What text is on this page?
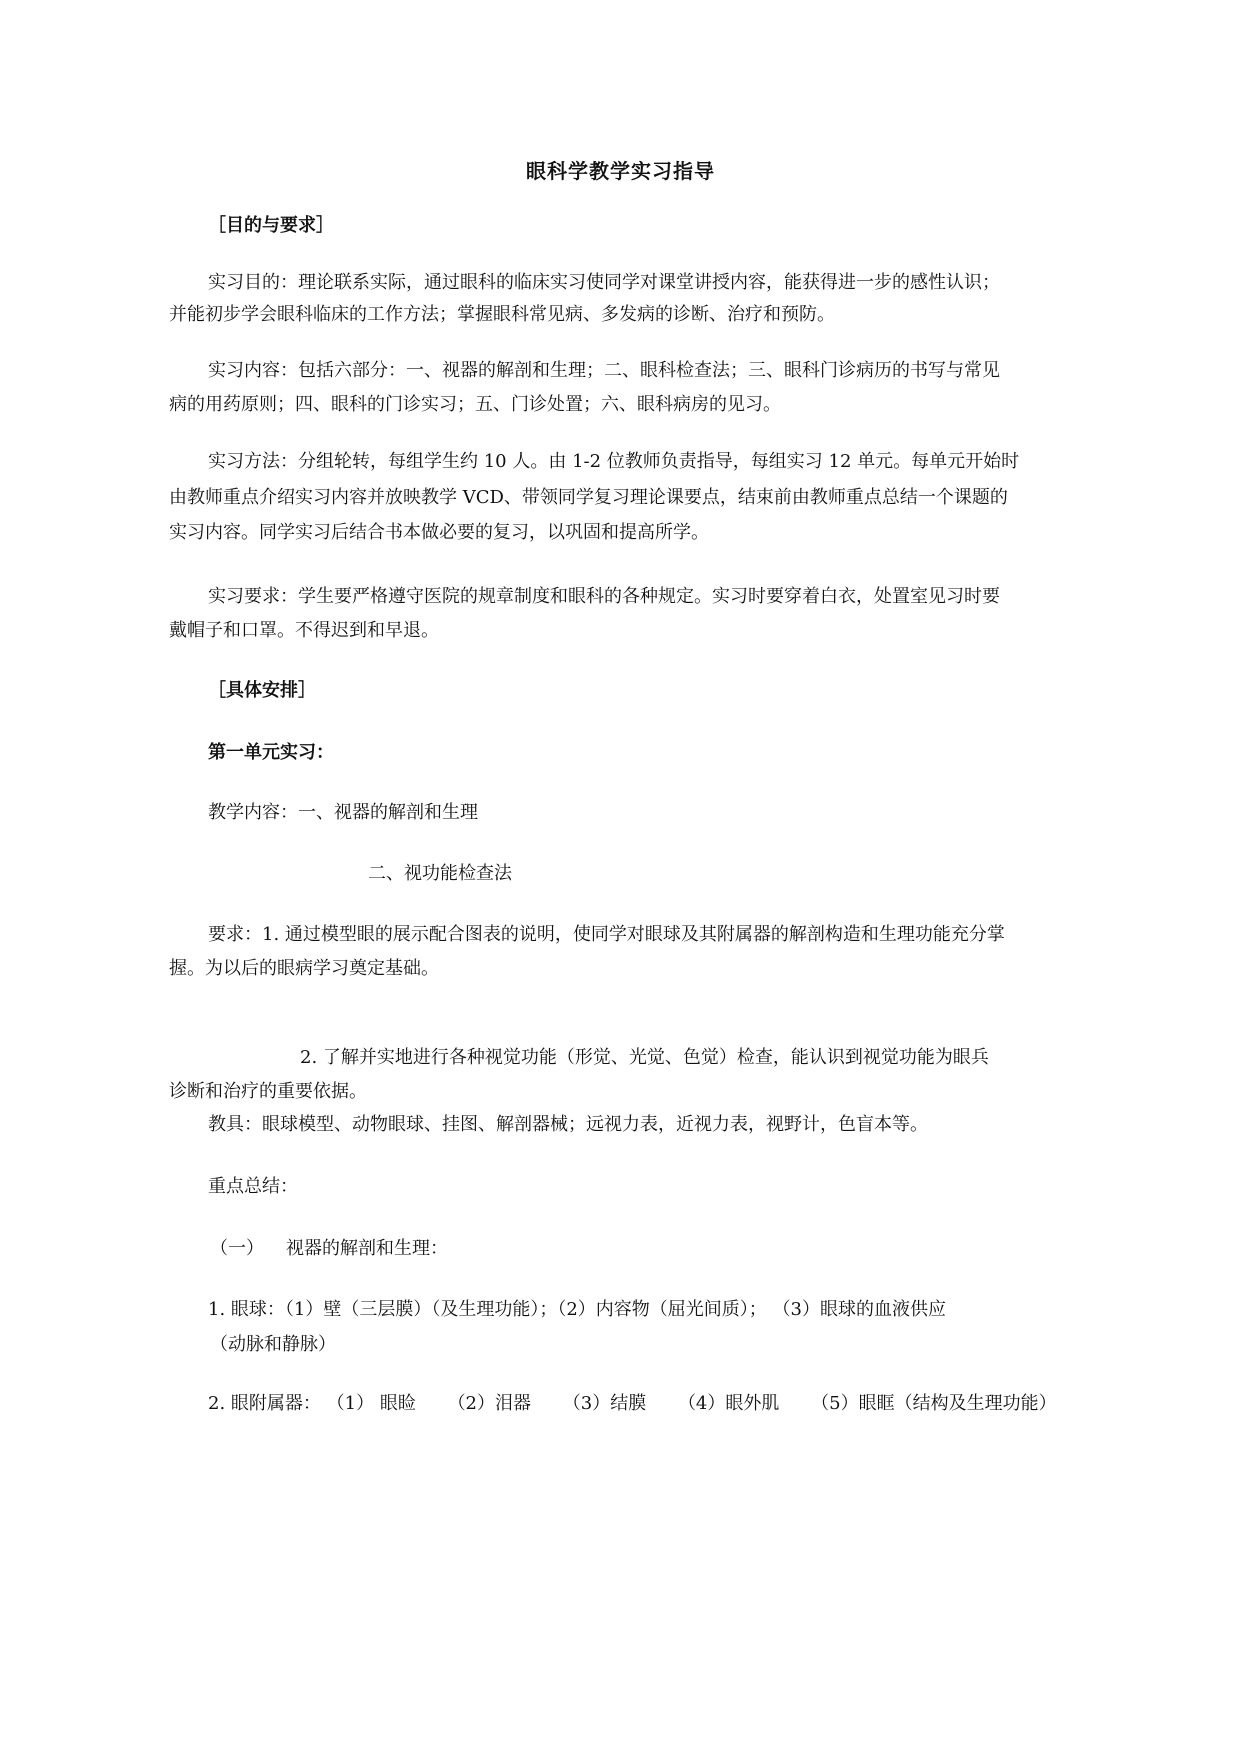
眼科学教学实习指导
［目的与要求］
实习目的：理论联系实际，通过眼科的临床实习使同学对课堂讲授内容，能获得进一步的感性认识；
并能初步学会眼科临床的工作方法；掌握眼科常见病、多发病的诊断、治疗和预防。
实习内容：包括六部分：一、视器的解剖和生理；二、眼科检查法；三、眼科门诊病历的书写与常见
病的用药原则；四、眼科的门诊实习；五、门诊处置；六、眼科病房的见习。
实习方法：分组轮转，每组学生约 10 人。由 1-2 位教师负责指导，每组实习 12 单元。每单元开始时
由教师重点介绍实习内容并放映教学 VCD、带领同学复习理论课要点，结束前由教师重点总结一个课题的
实习内容。同学实习后结合书本做必要的复习，以巩固和提高所学。
实习要求：学生要严格遵守医院的规章制度和眼科的各种规定。实习时要穿着白衣，处置室见习时要
戴帽子和口罩。不得迟到和早退。
［具体安排］
第一单元实习：
教学内容：一、视器的解剖和生理
二、视功能检查法
要求：1. 通过模型眼的展示配合图表的说明，使同学对眼球及其附属器的解剖构造和生理功能充分掌
握。为以后的眼病学习奠定基础。
2. 了解并实地进行各种视觉功能（形觉、光觉、色觉）检查，能认识到视觉功能为眼兵
诊断和治疗的重要依据。
教具：眼球模型、动物眼球、挂图、解剖器械；远视力表，近视力表，视野计，色盲本等。
重点总结：
（一） 视器的解剖和生理：
1. 眼球：（1）壁（三层膜）（及生理功能）；（2）内容物（屈光间质）； （3）眼球的血液供应
（动脉和静脉）
2. 眼附属器： （1） 眼睑 （2）泪器 （3）结膜 （4）眼外肌 （5）眼眶（结构及生理功能）
